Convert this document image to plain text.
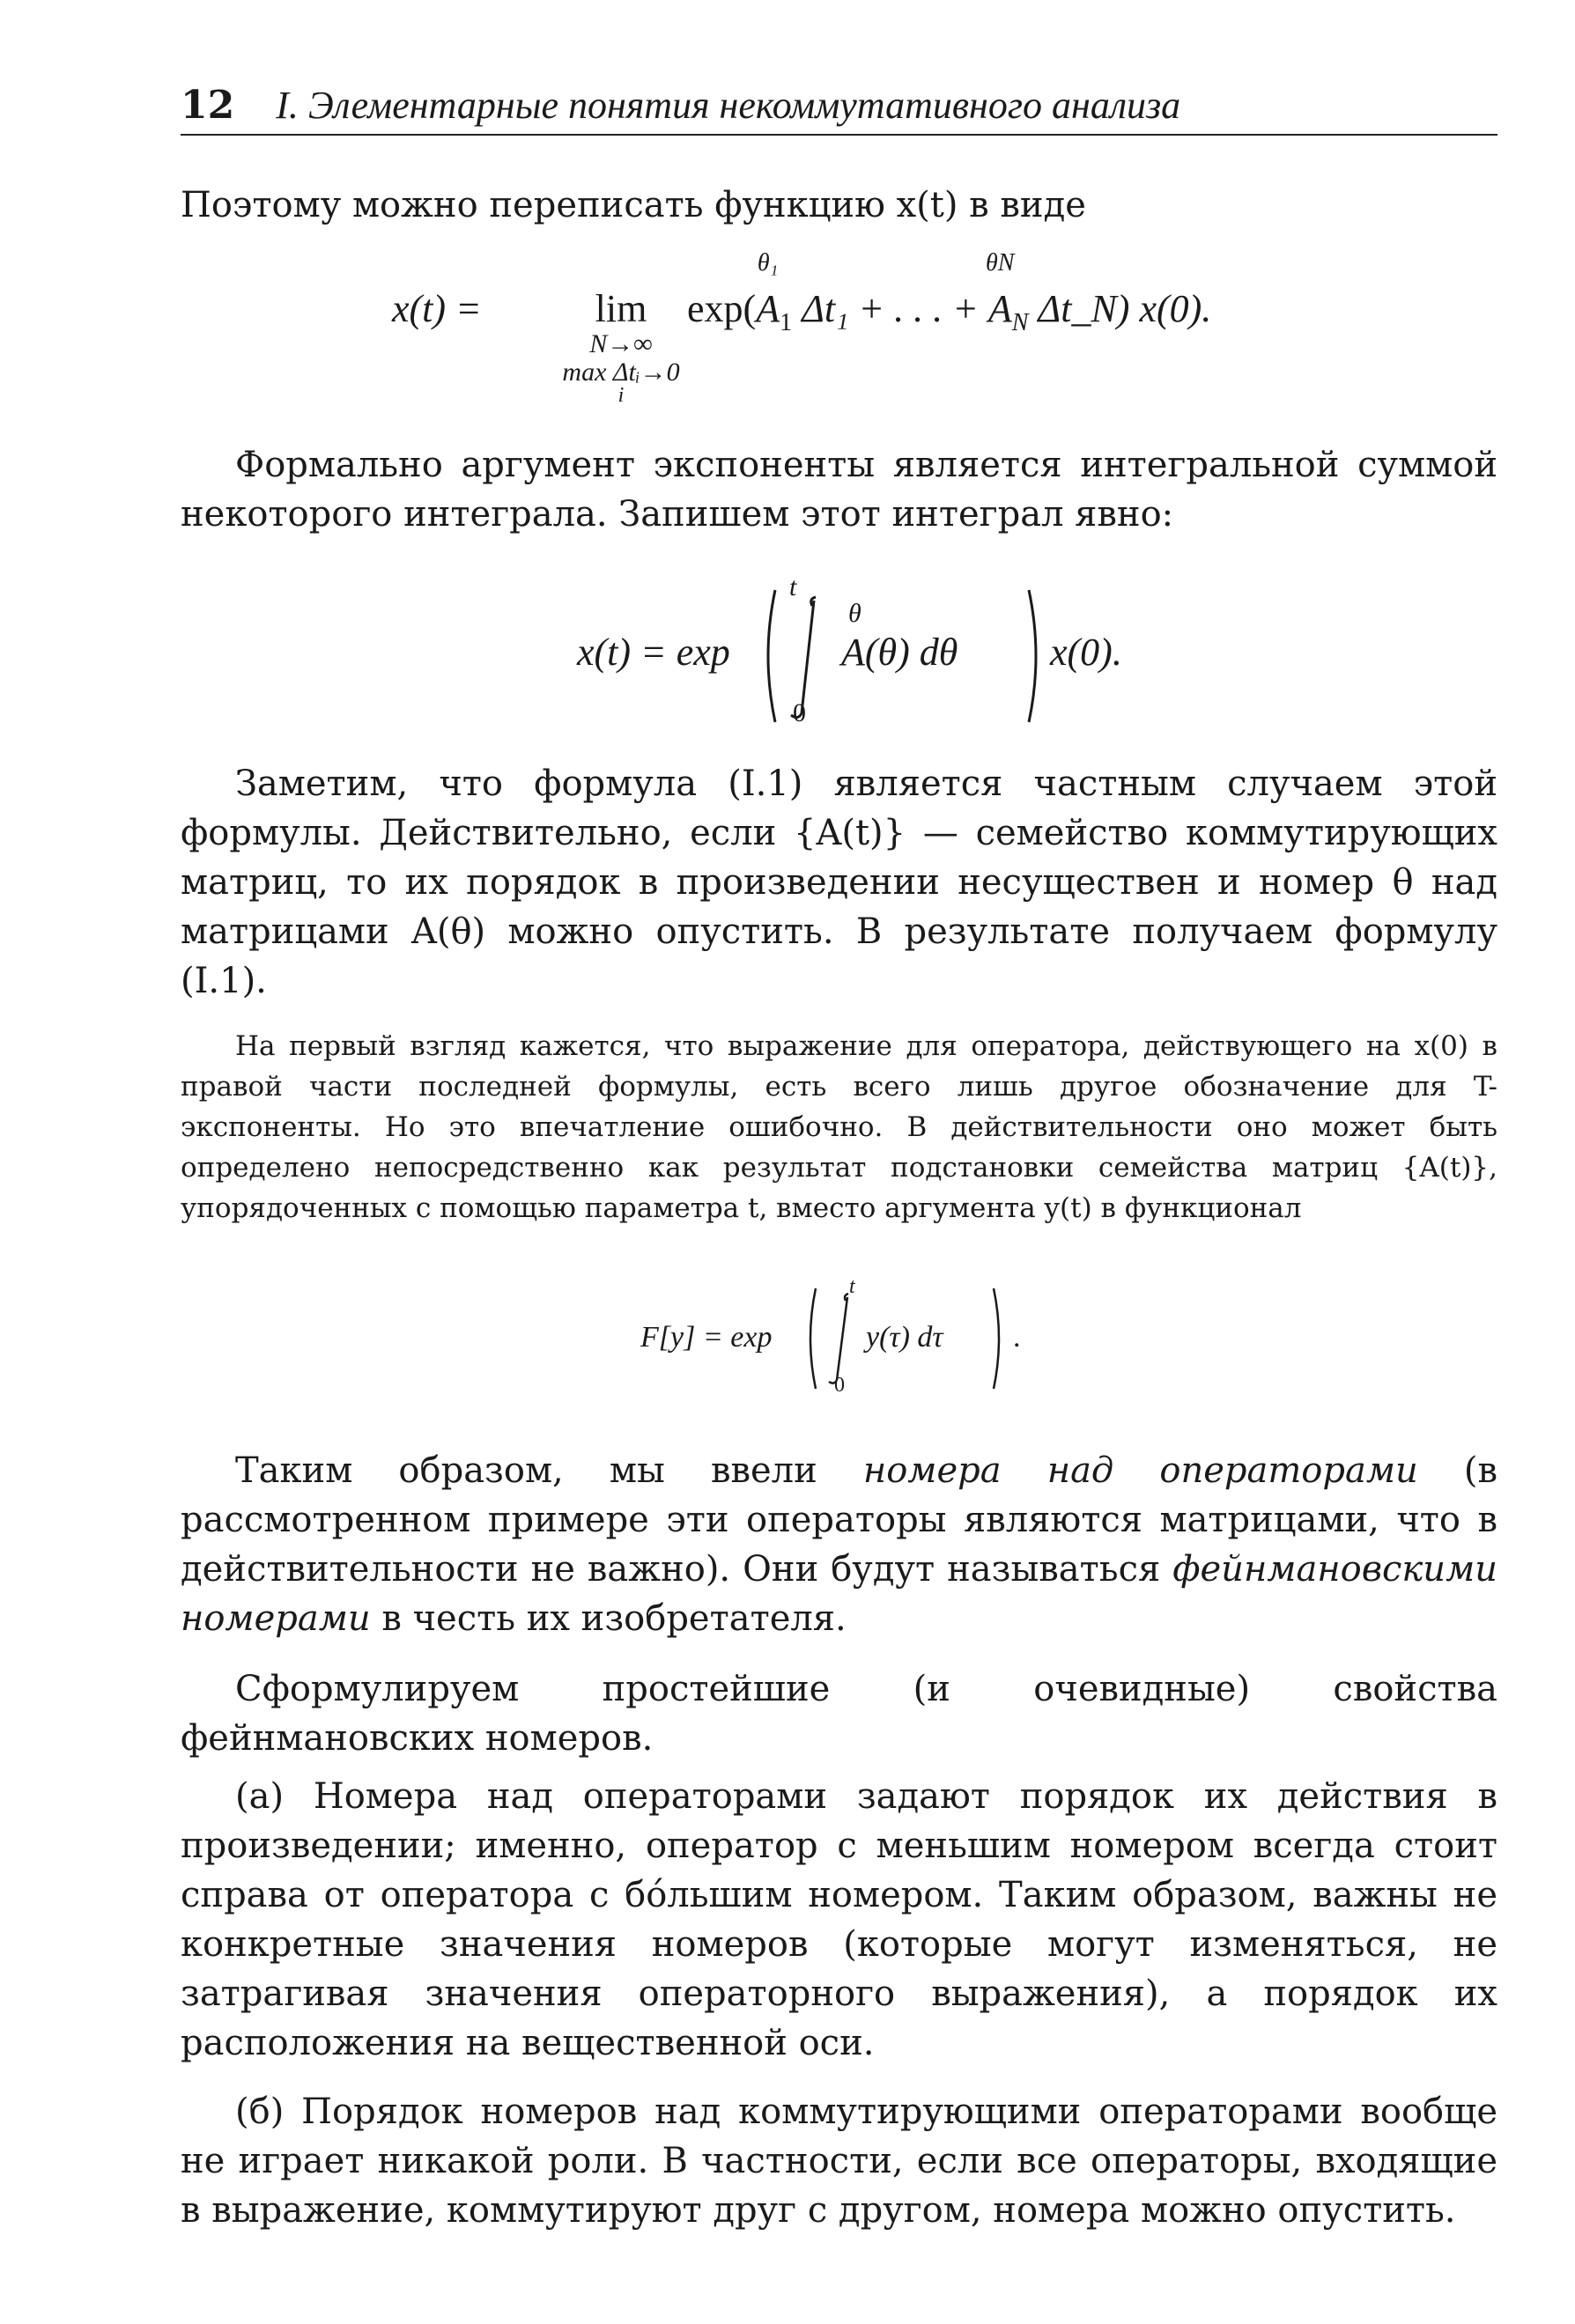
12 I. Элементарные понятия некоммутативного анализа

Поэтому можно переписать функцию x(t) в виде

x(t) =	lim
N→∞
max Δtᵢ→0
i
exp(
θ₁
$A_1$ Δt₁ + . . . +
θN
$A_N$ Δt_N) x(0).

Формально аргумент экспоненты является интегральной суммой некоторого интеграла. Запишем этот интеграл явно:

x(t) = exp
t
0
θ
A(θ) dθ x(0).

Заметим, что формула (I.1) является частным случаем этой формулы. Действительно, если {A(t)} — семейство коммутирующих матриц, то их порядок в произведении несуществен и номер θ над матрицами A(θ) можно опустить. В результате получаем формулу (I.1).

На первый взгляд кажется, что выражение для оператора, действующего на x(0) в правой части последней формулы, есть всего лишь другое обозначение для T-экспоненты. Но это впечатление ошибочно. В действительности оно может быть определено непосредственно как результат подстановки семейства матриц {A(t)}, упорядоченных с помощью параметра t, вместо аргумента y(t) в функционал

F[y] = exp
t
0
y(τ) dτ .

Таким образом, мы ввели номера над операторами (в рассмотренном примере эти операторы являются матрицами, что в действительности не важно). Они будут называться фейнмановскими номерами в честь их изобретателя.

Сформулируем простейшие (и очевидные) свойства фейнмановских номеров.

(а) Номера над операторами задают порядок их действия в произведении; именно, оператор с меньшим номером всегда стоит справа от оператора с бо́льшим номером. Таким образом, важны не конкретные значения номеров (которые могут изменяться, не затрагивая значения операторного выражения), а порядок их расположения на вещественной оси.

(б) Порядок номеров над коммутирующими операторами вообще не играет никакой роли. В частности, если все операторы, входящие в выражение, коммутируют друг с другом, номера можно опустить.
